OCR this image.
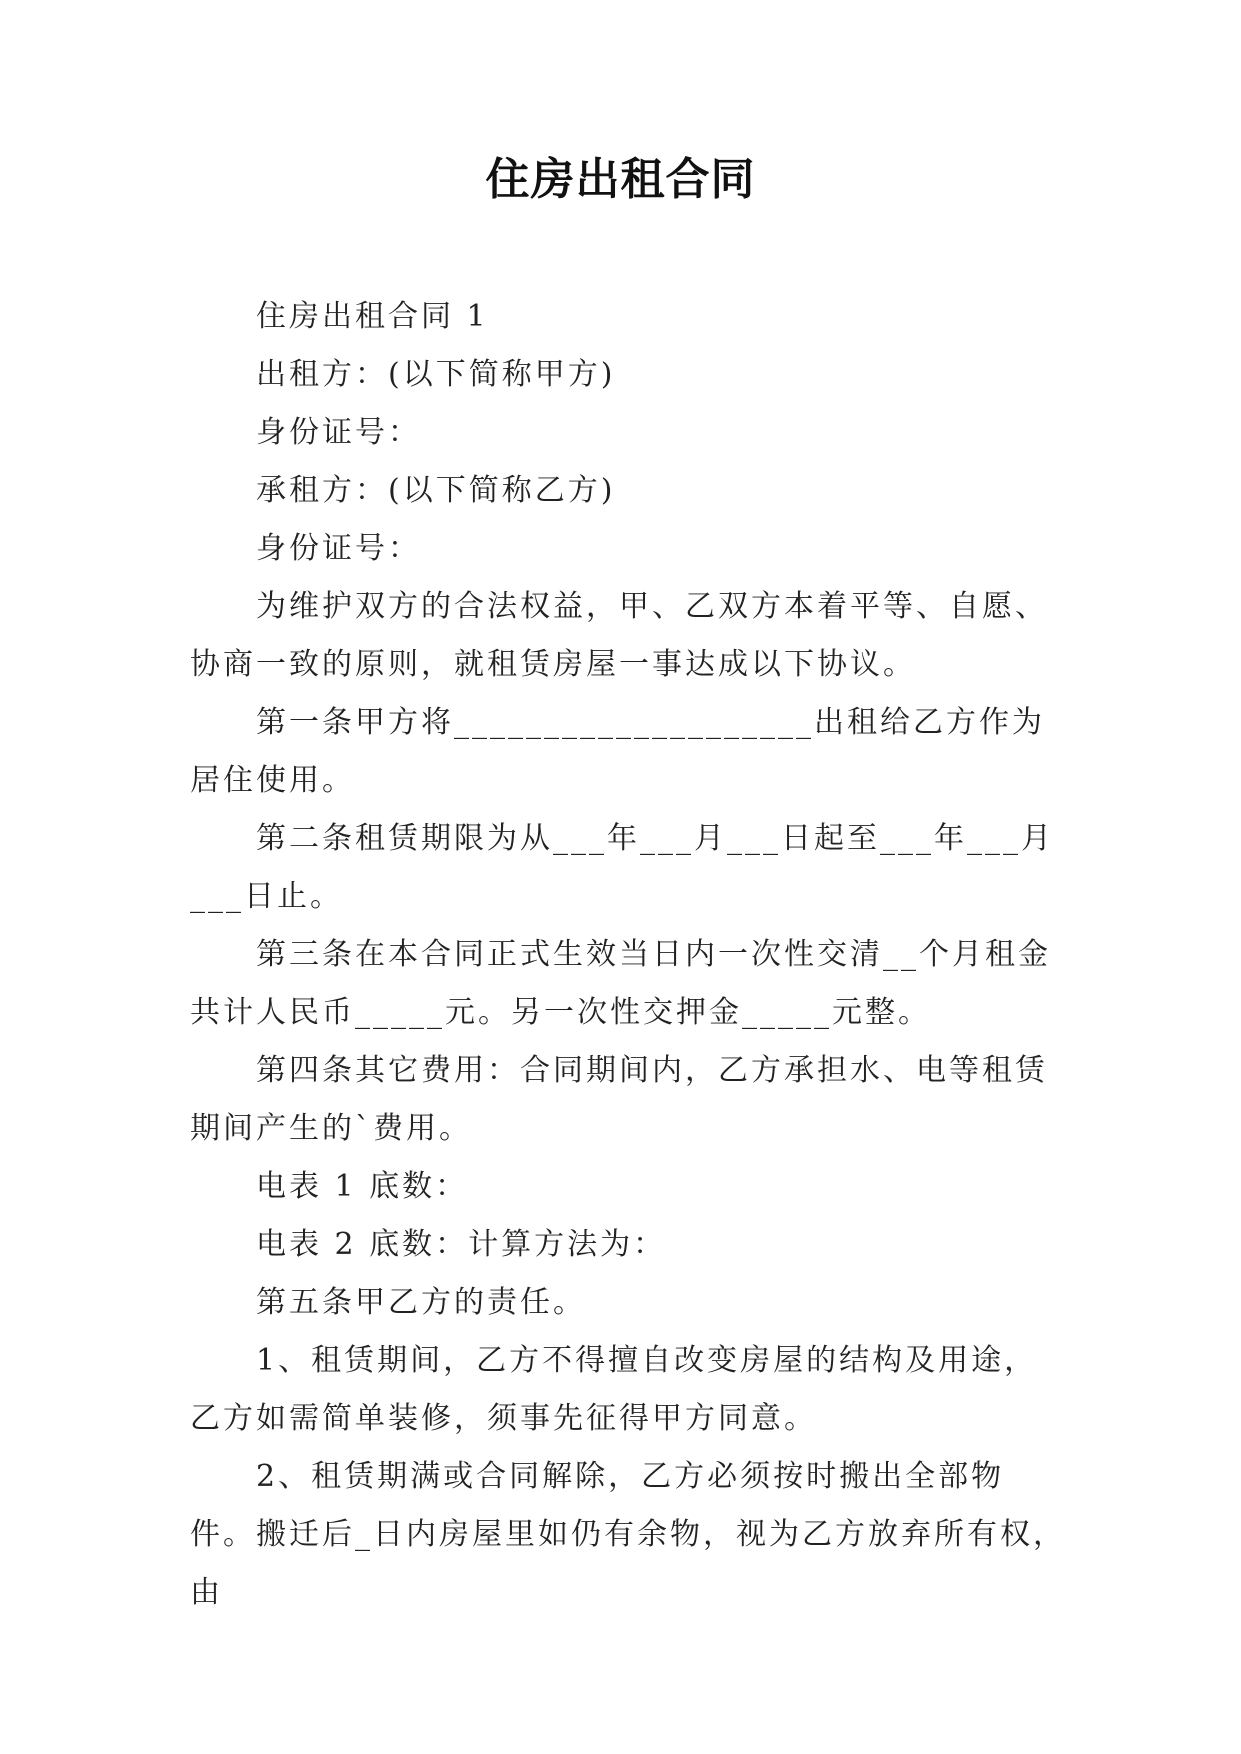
住房出租合同

住房出租合同 1

出租方：(以下简称甲方)

身份证号：

承租方：(以下简称乙方)

身份证号：

为维护双方的合法权益，甲、乙双方本着平等、自愿、协商一致的原则，就租赁房屋一事达成以下协议。

第一条甲方将____________________出租给乙方作为居住使用。

第二条租赁期限为从___年___月___日起至___年___月___日止。

第三条在本合同正式生效当日内一次性交清__个月租金共计人民币_____元。另一次性交押金_____元整。

第四条其它费用：合同期间内，乙方承担水、电等租赁期间产生的`费用。

电表 1 底数：

电表 2 底数：计算方法为：

第五条甲乙方的责任。

1、租赁期间，乙方不得擅自改变房屋的结构及用途，乙方如需简单装修，须事先征得甲方同意。

2、租赁期满或合同解除，乙方必须按时搬出全部物件。搬迁后_日内房屋里如仍有余物，视为乙方放弃所有权，由
